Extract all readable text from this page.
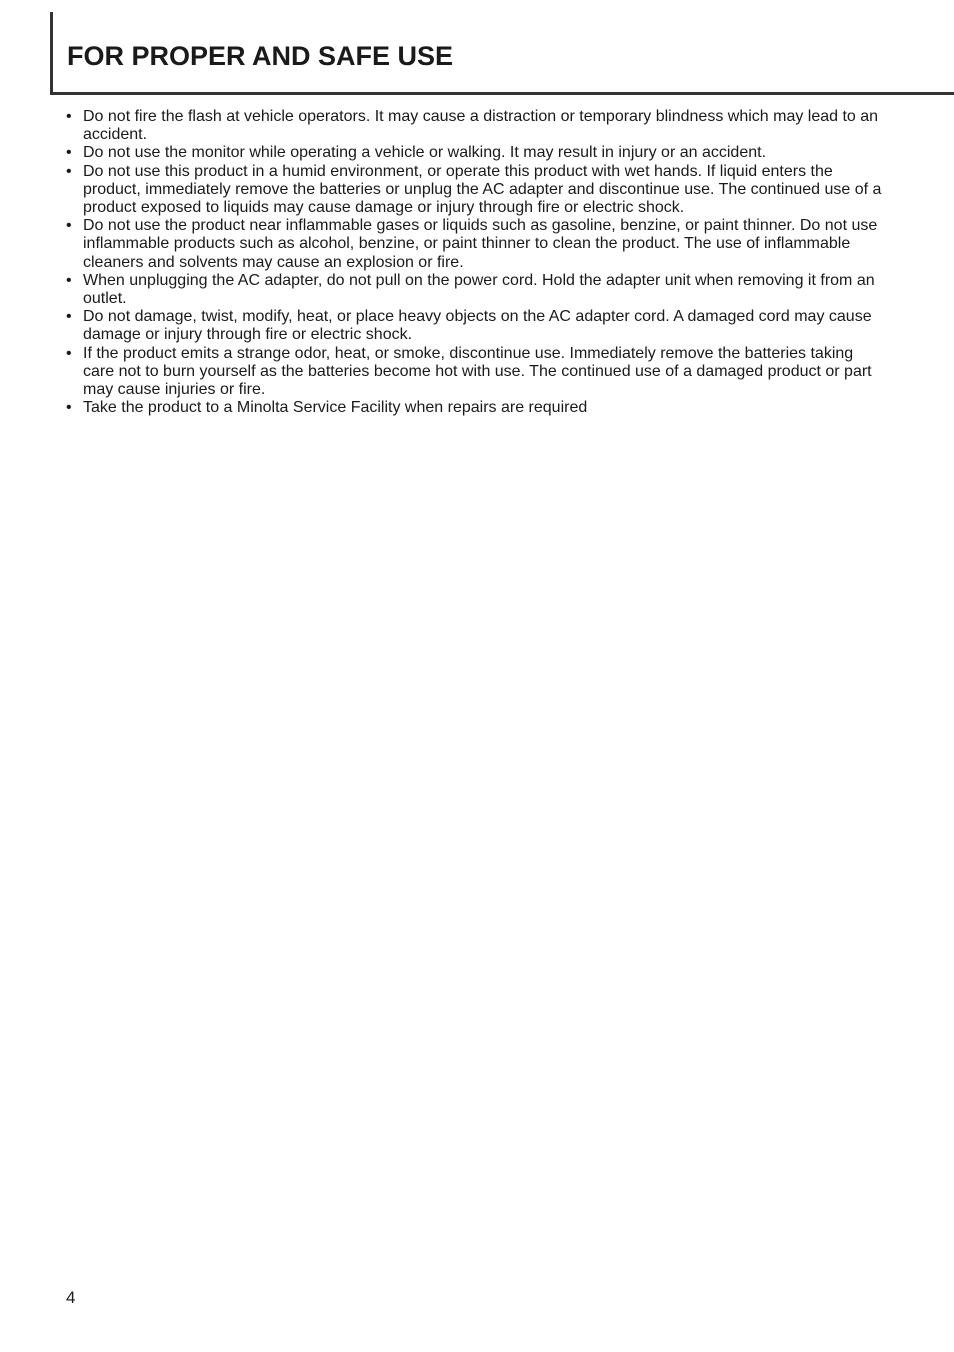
FOR PROPER AND SAFE USE
• Do not fire the flash at vehicle operators. It may cause a distraction or temporary blindness which may lead to an accident.
• Do not use the monitor while operating a vehicle or walking. It may result in injury or an accident.
• Do not use this product in a humid environment, or operate this product with wet hands. If liquid enters the product, immediately remove the batteries or unplug the AC adapter and discontinue use. The continued use of a product exposed to liquids may cause damage or injury through fire or electric shock.
• Do not use the product near inflammable gases or liquids such as gasoline, benzine, or paint thinner. Do not use inflammable products such as alcohol, benzine, or paint thinner to clean the product. The use of inflammable cleaners and solvents may cause an explosion or fire.
• When unplugging the AC adapter, do not pull on the power cord. Hold the adapter unit when removing it from an outlet.
• Do not damage, twist, modify, heat, or place heavy objects on the AC adapter cord. A damaged cord may cause damage or injury through fire or electric shock.
• If the product emits a strange odor, heat, or smoke, discontinue use. Immediately remove the batteries taking care not to burn yourself as the batteries become hot with use. The continued use of a damaged product or part may cause injuries or fire.
• Take the product to a Minolta Service Facility when repairs are required
4
